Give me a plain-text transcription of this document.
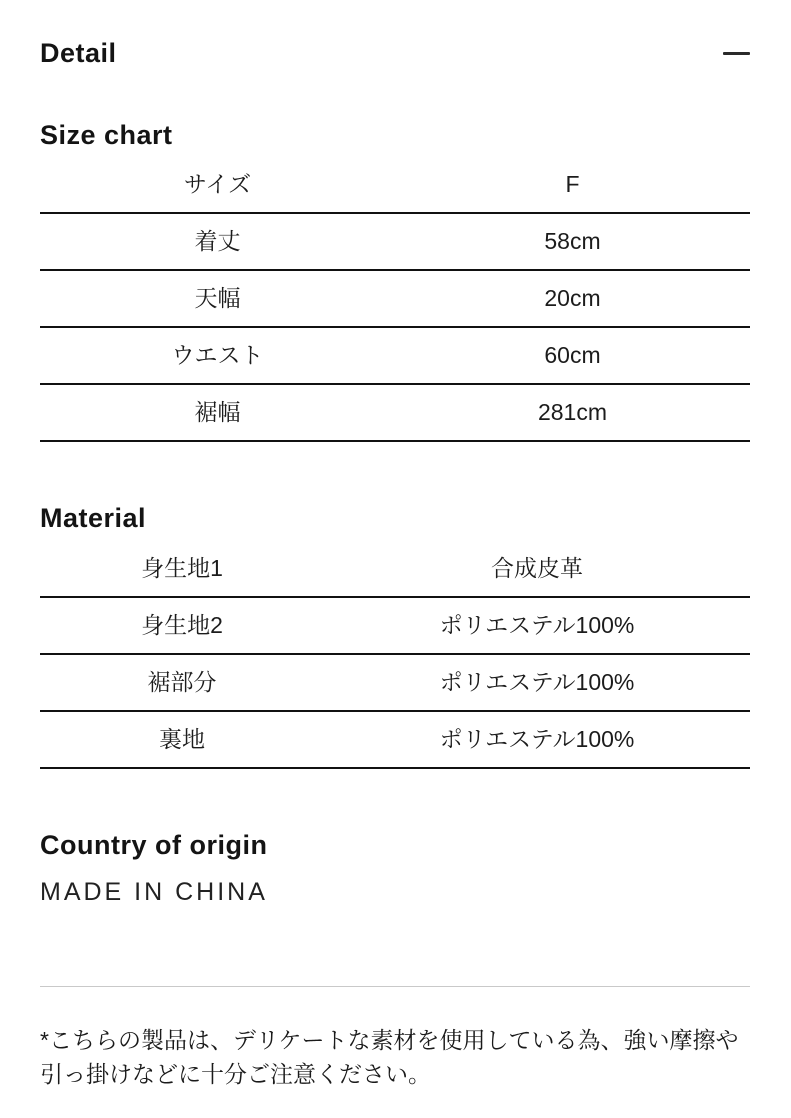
Detail
Size chart
サイズ	F
着丈	58cm
天幅	20cm
ウエスト	60cm
裾幅	281cm
Material
身生地1	合成皮革
身生地2	ポリエステル100%
裾部分	ポリエステル100%
裏地	ポリエステル100%
Country of origin
MADE IN CHINA

*こちらの製品は、デリケートな素材を使用している為、強い摩擦や引っ掛けなどに十分ご注意ください。
